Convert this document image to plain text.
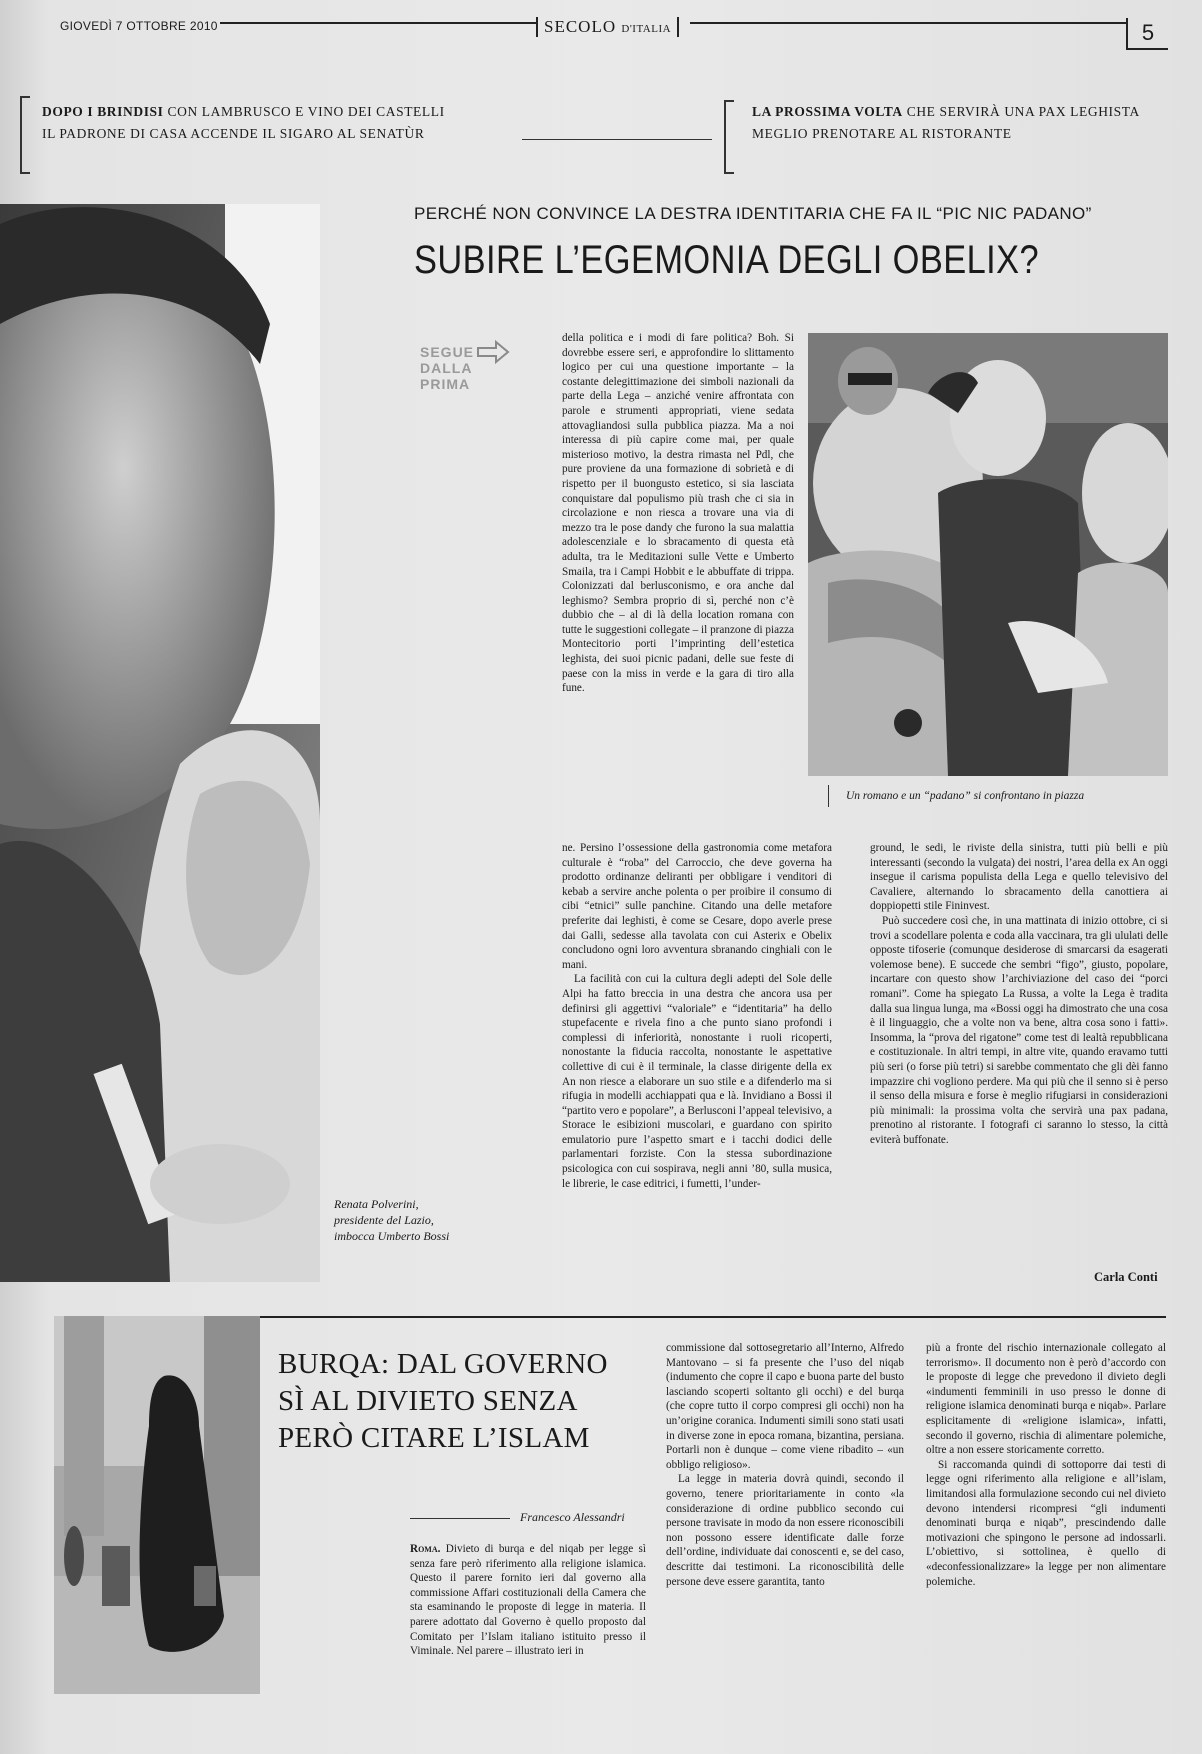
GIOVEDÌ 7 OTTOBRE 2010	SECOLO D'ITALIA	5
DOPO I BRINDISI CON LAMBRUSCO E VINO DEI CASTELLI
IL PADRONE DI CASA ACCENDE IL SIGARO AL SENATÙR
LA PROSSIMA VOLTA CHE SERVIRÀ UNA PAX LEGHISTA
MEGLIO PRENOTARE AL RISTORANTE
Renata Polverini,
presidente del Lazio,
imbocca Umberto Bossi
PERCHÉ NON CONVINCE LA DESTRA IDENTITARIA CHE FA IL “PIC NIC PADANO”
SUBIRE L’EGEMONIA DEGLI OBELIX?
SEGUE
DALLA
PRIMA

della politica e i modi di fare politica? Boh. Si dovrebbe essere seri, e approfondire lo slittamento logico per cui una questione importante – la costante delegittimazione dei simboli nazionali da parte della Lega – anziché venire affrontata con parole e strumenti appropriati, viene sedata attovagliandosi sulla pubblica piazza. Ma a noi interessa di più capire come mai, per quale misterioso motivo, la destra rimasta nel Pdl, che pure proviene da una formazione di sobrietà e di rispetto per il buongusto estetico, si sia lasciata conquistare dal populismo più trash che ci sia in circolazione e non riesca a trovare una via di mezzo tra le pose dandy che furono la sua malattia adolescenziale e lo sbracamento di questa età adulta, tra le Meditazioni sulle Vette e Umberto Smaila, tra i Campi Hobbit e le abbuffate di trippa. Colonizzati dal berlusconismo, e ora anche dal leghismo? Sembra proprio di sì, perché non c’è dubbio che – al di là della location romana con tutte le suggestioni collegate – il pranzone di piazza Montecitorio porti l’imprinting dell’estetica leghista, dei suoi picnic padani, delle sue feste di paese con la miss in verde e la gara di tiro alla fune.

Un romano e un “padano” si confrontano in piazza

ne. Persino l’ossessione della gastronomia come metafora culturale è “roba” del Carroccio, che deve governa ha prodotto ordinanze deliranti per obbligare i venditori di kebab a servire anche polenta o per proibire il consumo di cibi “etnici” sulle panchine. Citando una delle metafore preferite dai leghisti, è come se Cesare, dopo averle prese dai Galli, sedesse alla tavolata con cui Asterix e Obelix concludono ogni loro avventura sbranando cinghiali con le mani.

La facilità con cui la cultura degli adepti del Sole delle Alpi ha fatto breccia in una destra che ancora usa per definirsi gli aggettivi “valoriale” e “identitaria” ha dello stupefacente e rivela fino a che punto siano profondi i complessi di inferiorità, nonostante i ruoli ricoperti, nonostante la fiducia raccolta, nonostante le aspettative collettive di cui è il terminale, la classe dirigente della ex An non riesce a elaborare un suo stile e a difenderlo ma si rifugia in modelli acchiappati qua e là. Invidiano a Bossi il “partito vero e popolare”, a Berlusconi l’appeal televisivo, a Storace le esibizioni muscolari, e guardano con spirito emulatorio pure l’aspetto smart e i tacchi dodici delle parlamentari forziste. Con la stessa subordinazione psicologica con cui sospirava, negli anni ’80, sulla musica, le librerie, le case editrici, i fumetti, l’under-

ground, le sedi, le riviste della sinistra, tutti più belli e più interessanti (secondo la vulgata) dei nostri, l’area della ex An oggi insegue il carisma populista della Lega e quello televisivo del Cavaliere, alternando lo sbracamento della canottiera ai doppiopetti stile Fininvest.

Può succedere così che, in una mattinata di inizio ottobre, ci si trovi a scodellare polenta e coda alla vaccinara, tra gli ululati delle opposte tifoserie (comunque desiderose di smarcarsi da esagerati volemose bene). E succede che sembri “figo”, giusto, popolare, incartare con questo show l’archiviazione del caso dei “porci romani”. Come ha spiegato La Russa, a volte la Lega è tradita dalla sua lingua lunga, ma «Bossi oggi ha dimostrato che una cosa è il linguaggio, che a volte non va bene, altra cosa sono i fatti». Insomma, la “prova del rigatone” come test di lealtà repubblicana e costituzionale. In altri tempi, in altre vite, quando eravamo tutti più seri (o forse più tetri) si sarebbe commentato che gli dèi fanno impazzire chi vogliono perdere. Ma qui più che il senno si è perso il senso della misura e forse è meglio rifugiarsi in considerazioni più minimali: la prossima volta che servirà una pax padana, prenotino al ristorante. I fotografi ci saranno lo stesso, la città eviterà buffonate.

Carla Conti
BURQA: DAL GOVERNO
SÌ AL DIVIETO SENZA
PERÒ CITARE L’ISLAM
Francesco Alessandri

Roma. Divieto di burqa e del niqab per legge sì senza fare però riferimento alla religione islamica. Questo il parere fornito ieri dal governo alla commissione Affari costituzionali della Camera che sta esaminando le proposte di legge in materia. Il parere adottato dal Governo è quello proposto dal Comitato per l’Islam italiano istituito presso il Viminale. Nel parere – illustrato ieri in

commissione dal sottosegretario all’Interno, Alfredo Mantovano – si fa presente che l’uso del niqab (indumento che copre il capo e buona parte del busto lasciando scoperti soltanto gli occhi) e del burqa (che copre tutto il corpo compresi gli occhi) non ha un’origine coranica. Indumenti simili sono stati usati in diverse zone in epoca romana, bizantina, persiana. Portarli non è dunque – come viene ribadito – «un obbligo religioso».

La legge in materia dovrà quindi, secondo il governo, tenere prioritariamente in conto «la considerazione di ordine pubblico secondo cui persone travisate in modo da non essere riconoscibili non possono essere identificate dalle forze dell’ordine, individuate dai conoscenti e, se del caso, descritte dai testimoni. La riconoscibilità delle persone deve essere garantita, tanto

più a fronte del rischio internazionale collegato al terrorismo». Il documento non è però d’accordo con le proposte di legge che prevedono il divieto degli «indumenti femminili in uso presso le donne di religione islamica denominati burqa e niqab». Parlare esplicitamente di «religione islamica», infatti, secondo il governo, rischia di alimentare polemiche, oltre a non essere storicamente corretto.

Si raccomanda quindi di sottoporre dai testi di legge ogni riferimento alla religione e all’islam, limitandosi alla formulazione secondo cui nel divieto devono intendersi ricompresi “gli indumenti denominati burqa e niqab”, prescindendo dalle motivazioni che spingono le persone ad indossarli. L’obiettivo, si sottolinea, è quello di «deconfessionalizzare» la legge per non alimentare polemiche.
